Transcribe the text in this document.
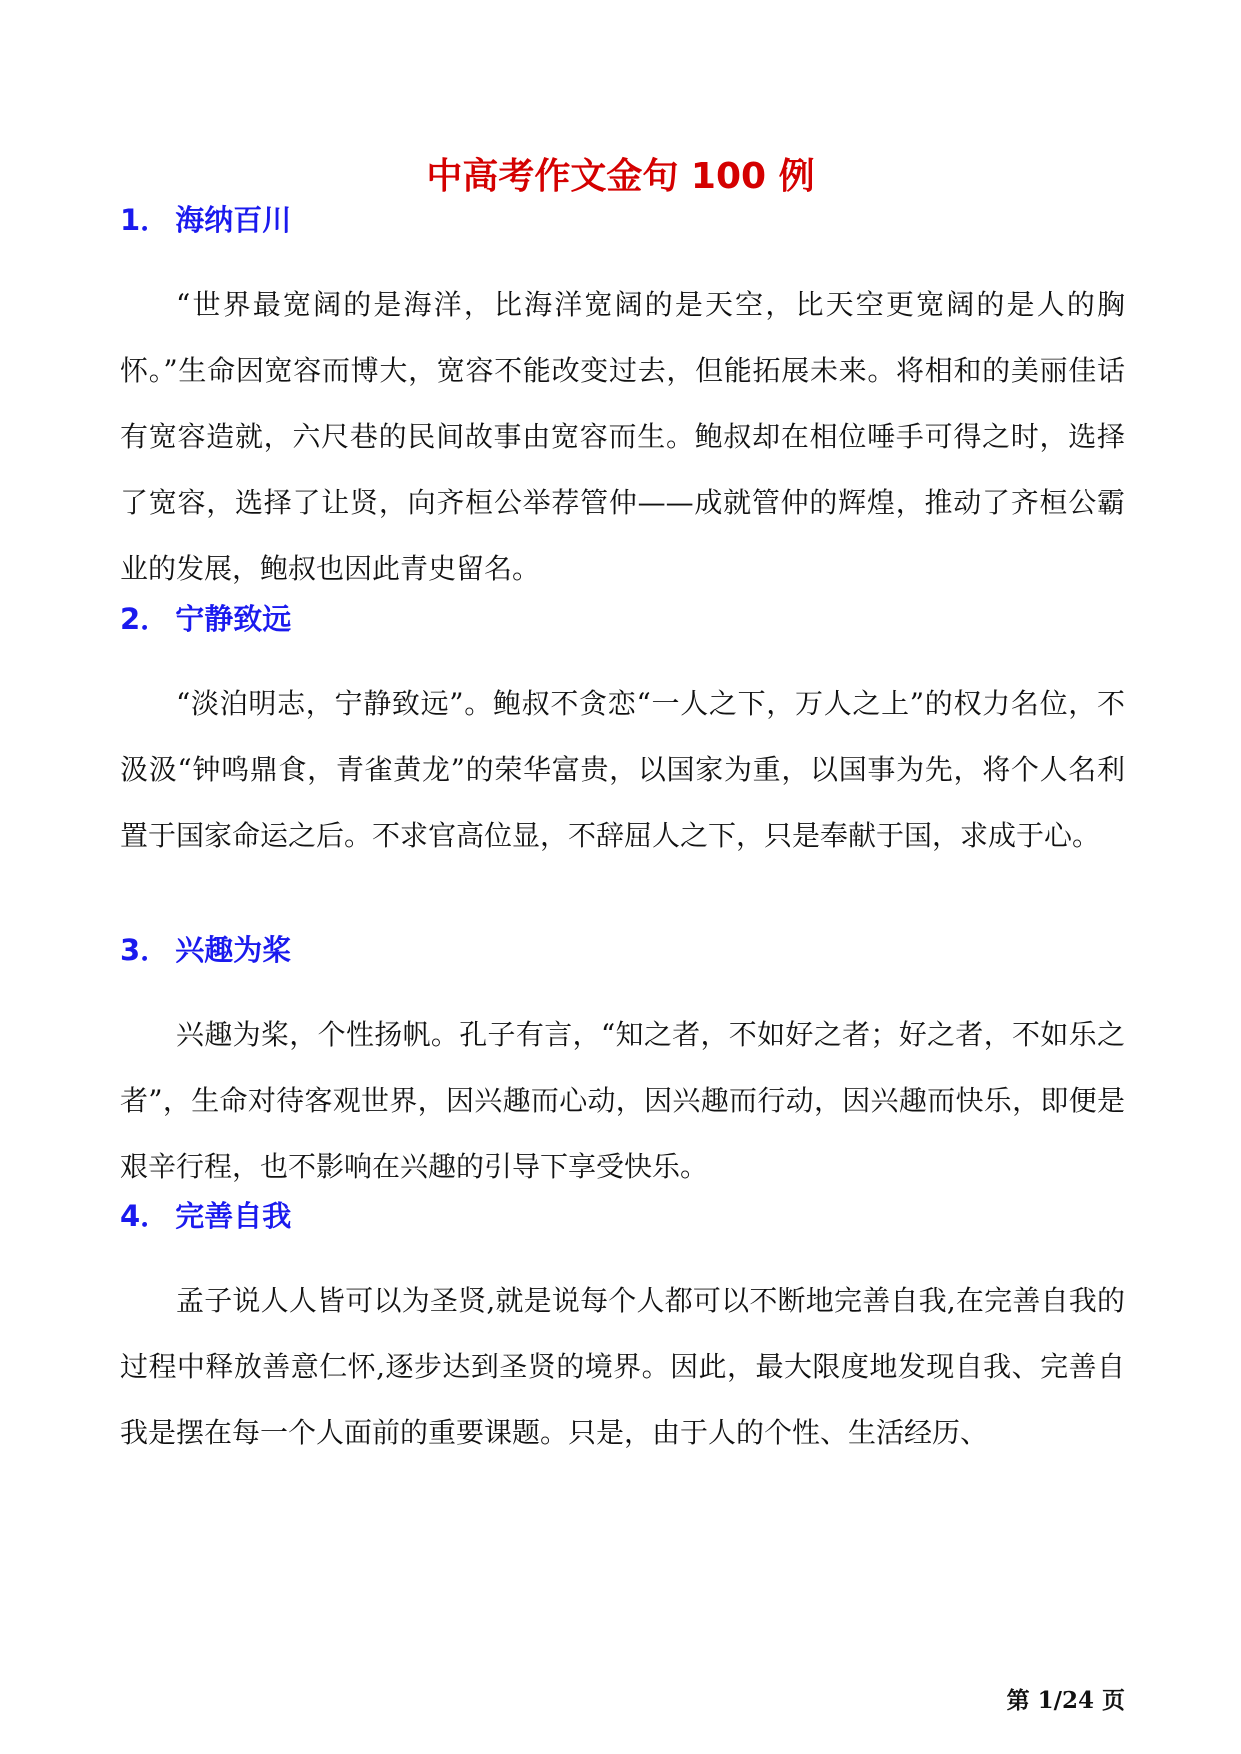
中高考作文金句 100 例
1． 海纳百川

“世界最宽阔的是海洋，比海洋宽阔的是天空，比天空更宽阔的是人的胸怀。”生命因宽容而博大，宽容不能改变过去，但能拓展未来。将相和的美丽佳话有宽容造就，六尺巷的民间故事由宽容而生。鲍叔却在相位唾手可得之时，选择了宽容，选择了让贤，向齐桓公举荐管仲——成就管仲的辉煌，推动了齐桓公霸业的发展，鲍叔也因此青史留名。

2． 宁静致远

“淡泊明志，宁静致远”。鲍叔不贪恋“一人之下，万人之上”的权力名位，不汲汲“钟鸣鼎食，青雀黄龙”的荣华富贵，以国家为重，以国事为先，将个人名利置于国家命运之后。不求官高位显，不辞屈人之下，只是奉献于国，求成于心。

3． 兴趣为桨

兴趣为桨，个性扬帆。孔子有言，“知之者，不如好之者；好之者，不如乐之者”，生命对待客观世界，因兴趣而心动，因兴趣而行动，因兴趣而快乐，即便是艰辛行程，也不影响在兴趣的引导下享受快乐。

4． 完善自我

孟子说人人皆可以为圣贤,就是说每个人都可以不断地完善自我,在完善自我的过程中释放善意仁怀,逐步达到圣贤的境界。因此，最大限度地发现自我、完善自我是摆在每一个人面前的重要课题。只是，由于人的个性、生活经历、

第 1/24 页
